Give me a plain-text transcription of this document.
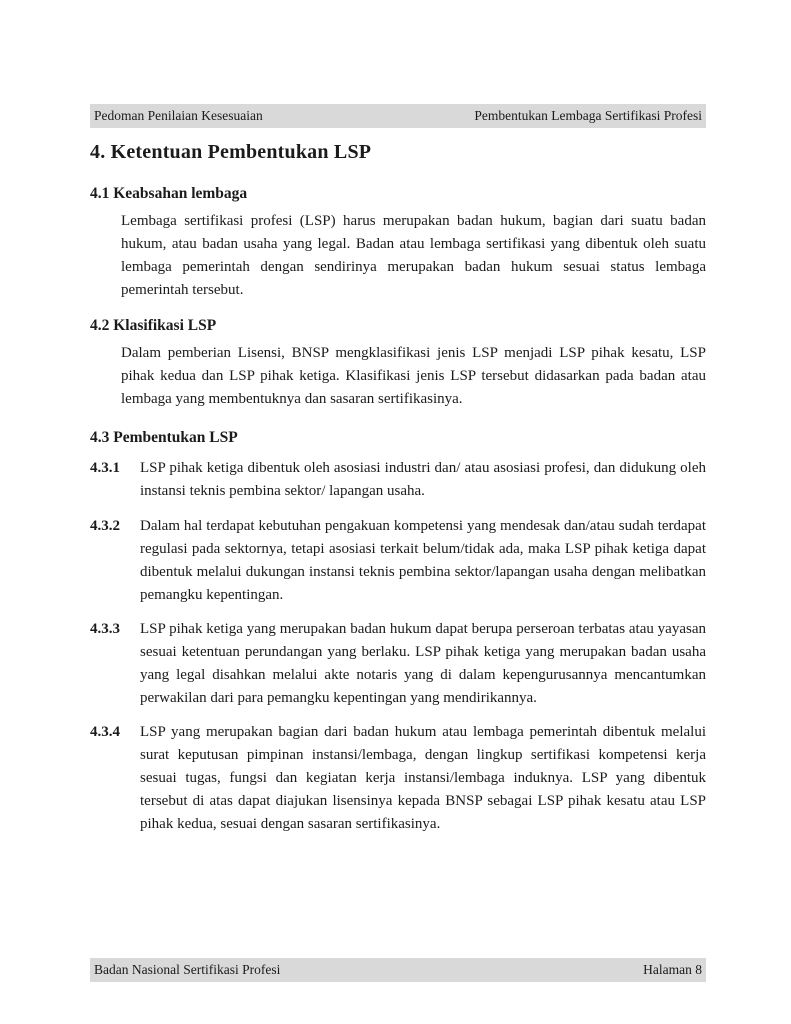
Pedoman Penilaian Kesesuaian	Pembentukan Lembaga Sertifikasi Profesi
4. Ketentuan Pembentukan LSP
4.1 Keabsahan lembaga

Lembaga sertifikasi profesi (LSP) harus merupakan badan hukum, bagian dari suatu badan hukum, atau badan usaha yang legal. Badan atau lembaga sertifikasi yang dibentuk oleh suatu lembaga pemerintah dengan sendirinya merupakan badan hukum sesuai status lembaga pemerintah tersebut.

4.2 Klasifikasi LSP

Dalam pemberian Lisensi, BNSP mengklasifikasi jenis LSP menjadi LSP pihak kesatu, LSP pihak kedua dan LSP pihak ketiga. Klasifikasi jenis LSP tersebut didasarkan pada badan atau lembaga yang membentuknya dan sasaran sertifikasinya.

4.3 Pembentukan LSP
4.3.1	LSP pihak ketiga dibentuk oleh asosiasi industri dan/ atau asosiasi profesi, dan didukung oleh instansi teknis pembina sektor/ lapangan usaha.
4.3.2	Dalam hal terdapat kebutuhan pengakuan kompetensi yang mendesak dan/atau sudah terdapat regulasi pada sektornya, tetapi asosiasi terkait belum/tidak ada, maka LSP pihak ketiga dapat dibentuk melalui dukungan instansi teknis pembina sektor/lapangan usaha dengan melibatkan pemangku kepentingan.
4.3.3	LSP pihak ketiga yang merupakan badan hukum dapat berupa perseroan terbatas atau yayasan sesuai ketentuan perundangan yang berlaku. LSP pihak ketiga yang merupakan badan usaha yang legal disahkan melalui akte notaris yang di dalam kepengurusannya mencantumkan perwakilan dari para pemangku kepentingan yang mendirikannya.
4.3.4	LSP yang merupakan bagian dari badan hukum atau lembaga pemerintah dibentuk melalui surat keputusan pimpinan instansi/lembaga, dengan lingkup sertifikasi kompetensi kerja sesuai tugas, fungsi dan kegiatan kerja instansi/lembaga induknya. LSP yang dibentuk tersebut di atas dapat diajukan lisensinya kepada BNSP sebagai LSP pihak kesatu atau LSP pihak kedua, sesuai dengan sasaran sertifikasinya.
Badan Nasional Sertifikasi Profesi	Halaman 8
